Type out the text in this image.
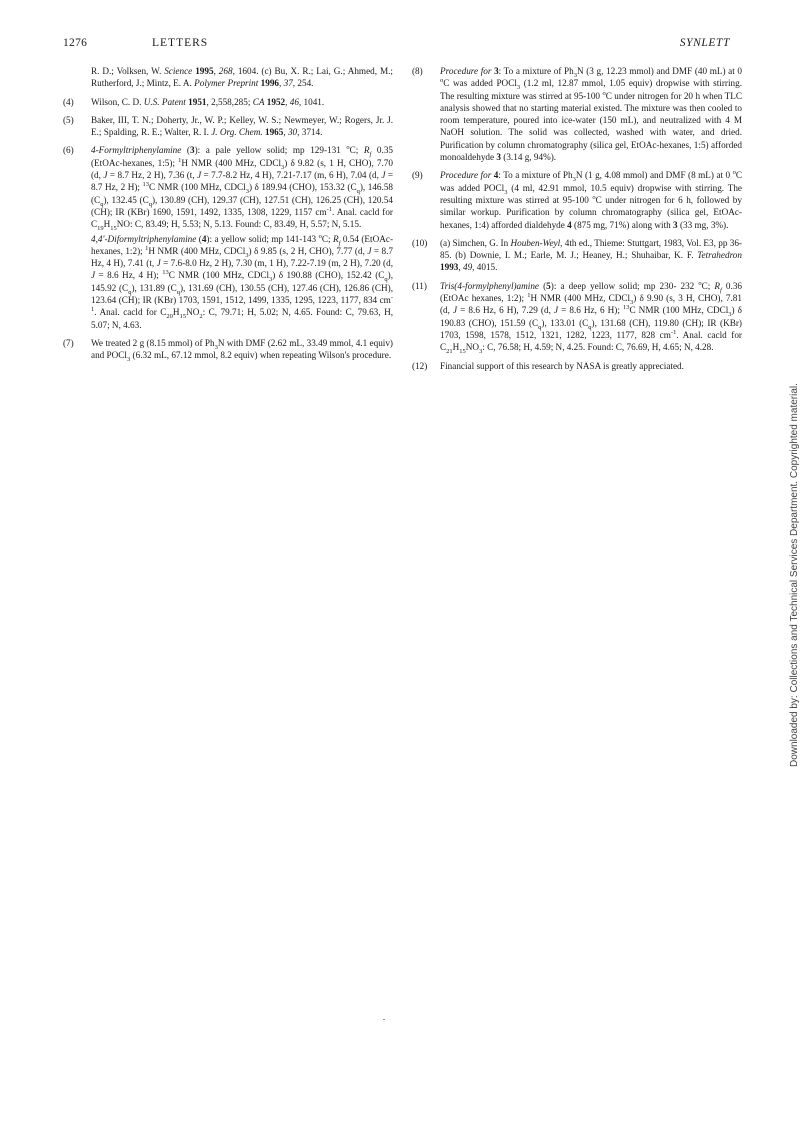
1276	LETTERS	SYNLETT

R. D.; Volksen, W. Science 1995, 268, 1604. (c) Bu, X. R.; Lai, G.; Ahmed, M.; Rutherford, J.; Mintz, E. A. Polymer Preprint 1996, 37, 254.

(4) Wilson, C. D. U.S. Patent 1951, 2,558,285; CA 1952, 46, 1041.

(5) Baker, III, T. N.; Doherty, Jr., W. P.; Kelley, W. S.; Newmeyer, W.; Rogers, Jr. J. E.; Spalding, R. E.; Walter, R. I. J. Org. Chem. 1965, 30, 3714.

(6) 4-Formyltriphenylamine (3): a pale yellow solid; mp 129-131 $^o$C; $R_f$ 0.35 (EtOAc-hexanes, 1:5); $^1$H NMR (400 MHz, CDCl$_3$) δ 9.82 (s, 1 H, CHO), 7.70 (d, J = 8.7 Hz, 2 H), 7.36 (t, J = 7.7-8.2 Hz, 4 H), 7.21-7.17 (m, 6 H), 7.04 (d, J = 8.7 Hz, 2 H); $^{13}$C NMR (100 MHz, CDCl$_3$) δ 189.94 (CHO), 153.32 $(C_q)$, 146.58 $(C_q)$, 132.45 $(C_q)$, 130.89 (CH), 129.37 (CH), 127.51 (CH), 126.25 (CH), 120.54 (CH); IR (KBr) 1690, 1591, 1492, 1335, 1308, 1229, 1157 $cm^{-1}$. Anal. cacld for $C_{19}H_{15}NO$: C, 83.49; H, 5.53; N, 5.13. Found: C, 83.49, H, 5.57; N, 5.15.

4,4'-Diformyltriphenylamine (4): a yellow solid; mp 141-143 $^o$C; $R_f$ 0.54 (EtOAc-hexanes, 1:2); $^1$H NMR (400 MHz, CDCl$_3$) δ 9.85 (s, 2 H, CHO), 7.77 (d, J = 8.7 Hz, 4 H), 7.41 (t, J = 7.6-8.0 Hz, 2 H), 7.30 (m, 1 H), 7.22-7.19 (m, 2 H), 7.20 (d, J = 8.6 Hz, 4 H); $^{13}$C NMR (100 MHz, CDCl$_3$) δ 190.88 (CHO), 152.42 $(C_q)$, 145.92 $(C_q)$, 131.89 $(C_q)$, 131.69 (CH), 130.55 (CH), 127.46 (CH), 126.86 (CH), 123.64 (CH); IR (KBr) 1703, 1591, 1512, 1499, 1335, 1295, 1223, 1177, 834 $cm^{-1}$. Anal. cacld for $C_{20}H_{15}NO_2$: C, 79.71; H, 5.02; N, 4.65. Found: C, 79.63, H, 5.07; N, 4.63.

(7) We treated 2 g (8.15 mmol) of $Ph_3N$ with DMF (2.62 mL, 33.49 mmol, 4.1 equiv) and POCl$_3$ (6.32 mL, 67.12 mmol, 8.2 equiv) when repeating Wilson's procedure.

(8) Procedure for 3: To a mixture of $Ph_3N$ (3 g, 12.23 mmol) and DMF (40 mL) at 0 $^o$C was added POCl$_3$ (1.2 ml, 12.87 mmol, 1.05 equiv) dropwise with stirring. The resulting mixture was stirred at 95-100 $^o$C under nitrogen for 20 h when TLC analysis showed that no starting material existed. The mixture was then cooled to room temperature, poured into ice-water (150 mL), and neutralized with 4 M NaOH solution. The solid was collected, washed with water, and dried. Purification by column chromatography (silica gel, EtOAc-hexanes, 1:5) afforded monoaldehyde 3 (3.14 g, 94%).

(9) Procedure for 4: To a mixture of $Ph_3N$ (1 g, 4.08 mmol) and DMF (8 mL) at 0 $^o$C was added POCl$_3$ (4 ml, 42.91 mmol, 10.5 equiv) dropwise with stirring. The resulting mixture was stirred at 95-100 $^o$C under nitrogen for 6 h, followed by similar workup. Purification by column chromatography (silica gel, EtOAc-hexanes, 1:4) afforded dialdehyde 4 (875 mg, 71%) along with 3 (33 mg, 3%).

(10) (a) Simchen, G. In Houben-Weyl, 4th ed., Thieme: Stuttgart, 1983, Vol. E3, pp 36-85. (b) Downie, I. M.; Earle, M. J.; Heaney, H.; Shuhaibar, K. F. Tetrahedron 1993, 49, 4015.

(11) Tris(4-formylphenyl)amine (5): a deep yellow solid; mp 230- 232 $^o$C; $R_f$ 0.36 (EtOAc hexanes, 1:2); $^1$H NMR (400 MHz, CDCl$_3$) δ 9.90 (s, 3 H, CHO), 7.81 (d, J = 8.6 Hz, 6 H), 7.29 (d, J = 8.6 Hz, 6 H); $^{13}$C NMR (100 MHz, CDCl$_3$) δ 190.83 (CHO), 151.59 $(C_q)$, 133.01 $(C_q)$, 131.68 (CH), 119.80 (CH); IR (KBr) 1703, 1598, 1578, 1512, 1321, 1282, 1223, 1177, 828 $cm^{-1}$. Anal. cacld for $C_{21}H_{15}NO_3$: C, 76.58; H, 4.59; N, 4.25. Found: C, 76.69, H, 4.65; N, 4.28.

(12) Financial support of this research by NASA is greatly appreciated.

Downloaded by: Collections and Technical Services Department. Copyrighted material.
